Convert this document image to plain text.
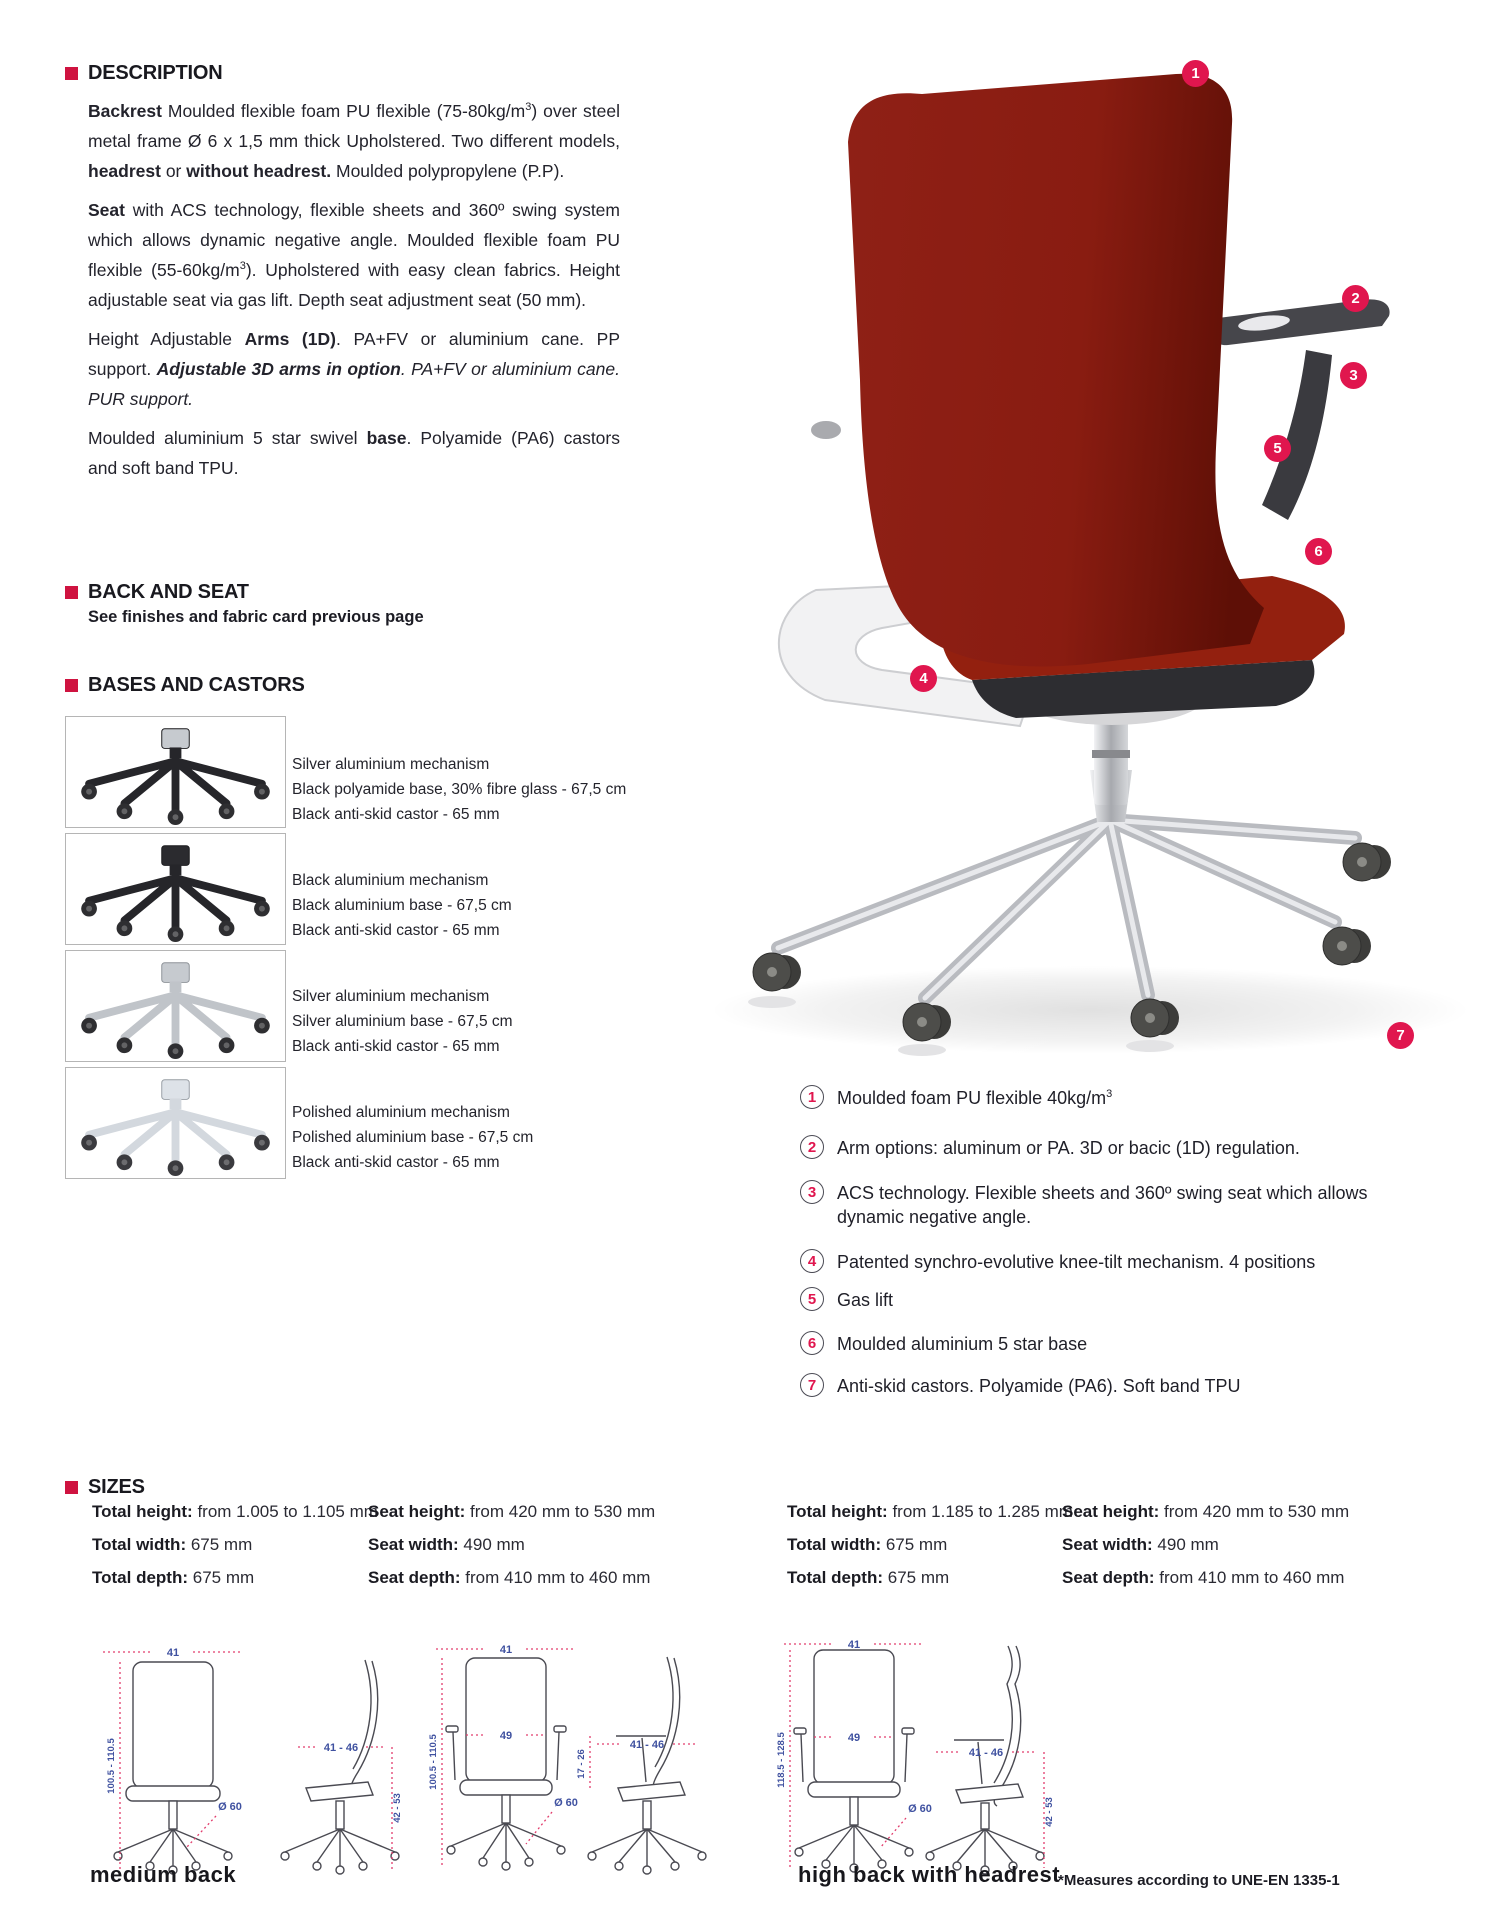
DESCRIPTION

Backrest Moulded flexible foam PU flexible $(75-80kg/m^3)$ over steel metal frame Ø 6 x 1,5 mm thick Upholstered. Two different models, headrest or without headrest. Moulded polypropylene (P.P).

Seat with ACS technology, flexible sheets and 360º swing system which allows dynamic negative angle. Moulded flexible foam PU flexible $(55-60kg/m^3)$. Upholstered with easy clean fabrics. Height adjustable seat via gas lift. Depth seat adjustment seat (50 mm).

Height Adjustable Arms (1D). PA+FV or aluminium cane. PP support. Adjustable 3D arms in option. PA+FV or aluminium cane. PUR support.

Moulded aluminium 5 star swivel base. Polyamide (PA6) castors and soft band TPU.

BACK AND SEAT
See finishes and fabric card previous page
BASES AND CASTORS
Silver aluminium mechanism
Black polyamide base, 30% fibre glass - 67,5 cm
Black anti-skid castor - 65 mm
Black aluminium mechanism
Black aluminium base - 67,5 cm
Black anti-skid castor - 65 mm
Silver aluminium mechanism
Silver aluminium base - 67,5 cm
Black anti-skid castor - 65 mm
Polished aluminium mechanism
Polished aluminium base - 67,5 cm
Black anti-skid castor - 65 mm
1	Moulded foam PU flexible $40kg/m^3$
2	Arm options: aluminum or PA. 3D or bacic (1D) regulation.
3	ACS technology. Flexible sheets and 360º swing seat which allows dynamic negative angle.
4	Patented synchro-evolutive knee-tilt mechanism. 4 positions
5	Gas lift
6	Moulded aluminium 5 star base
7	Anti-skid castors. Polyamide (PA6). Soft band TPU
SIZES
Total height: from 1.005 to 1.105 mm
Total width: 675 mm
Total depth: 675 mm
Seat height: from 420 mm to 530 mm
Seat width: 490 mm
Seat depth: from 410 mm to 460 mm
Total height: from 1.185 to 1.285 mm
Total width: 675 mm
Total depth: 675 mm
Seat height: from 420 mm to 530 mm
Seat width: 490 mm
Seat depth: from 410 mm to 460 mm
41
100.5 - 110.5
Ø 60
41 - 46
42 - 53
41
49
100.5 - 110.5
Ø 60
17 - 26
41 - 46
41
49
118.5 - 128.5
Ø 60
41 - 46
42 - 53
medium back	high back with headrest
*Measures according to UNE-EN 1335-1
1
2
3
4
5
6
7
